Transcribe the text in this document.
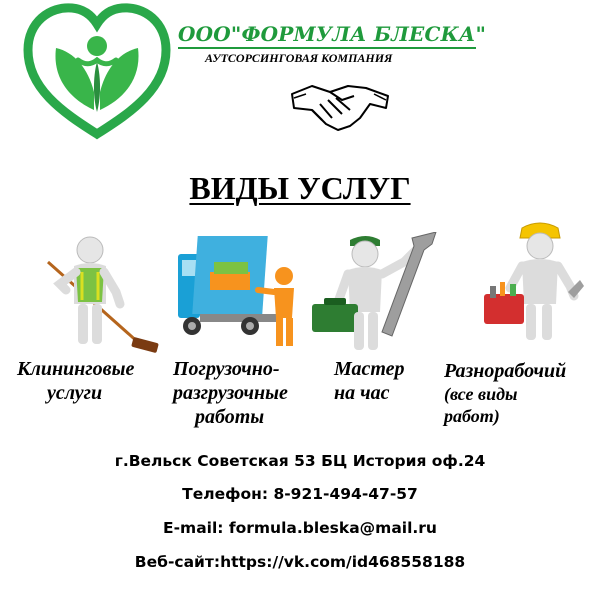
ООО"ФОРМУЛА БЛЕСКА"
АУТСОРСИНГОВАЯ КОМПАНИЯ
ВИДЫ УСЛУГ
Клининговые
услуги
Погрузочно-
разгрузочные
работы
Мастер
на час
Разнорабочий
(все виды
работ)
г.Вельск Советская 53 БЦ История оф.24
Телефон: 8-921-494-47-57
E-mail: formula.bleska@mail.ru
Веб-сайт:https://vk.com/id468558188
